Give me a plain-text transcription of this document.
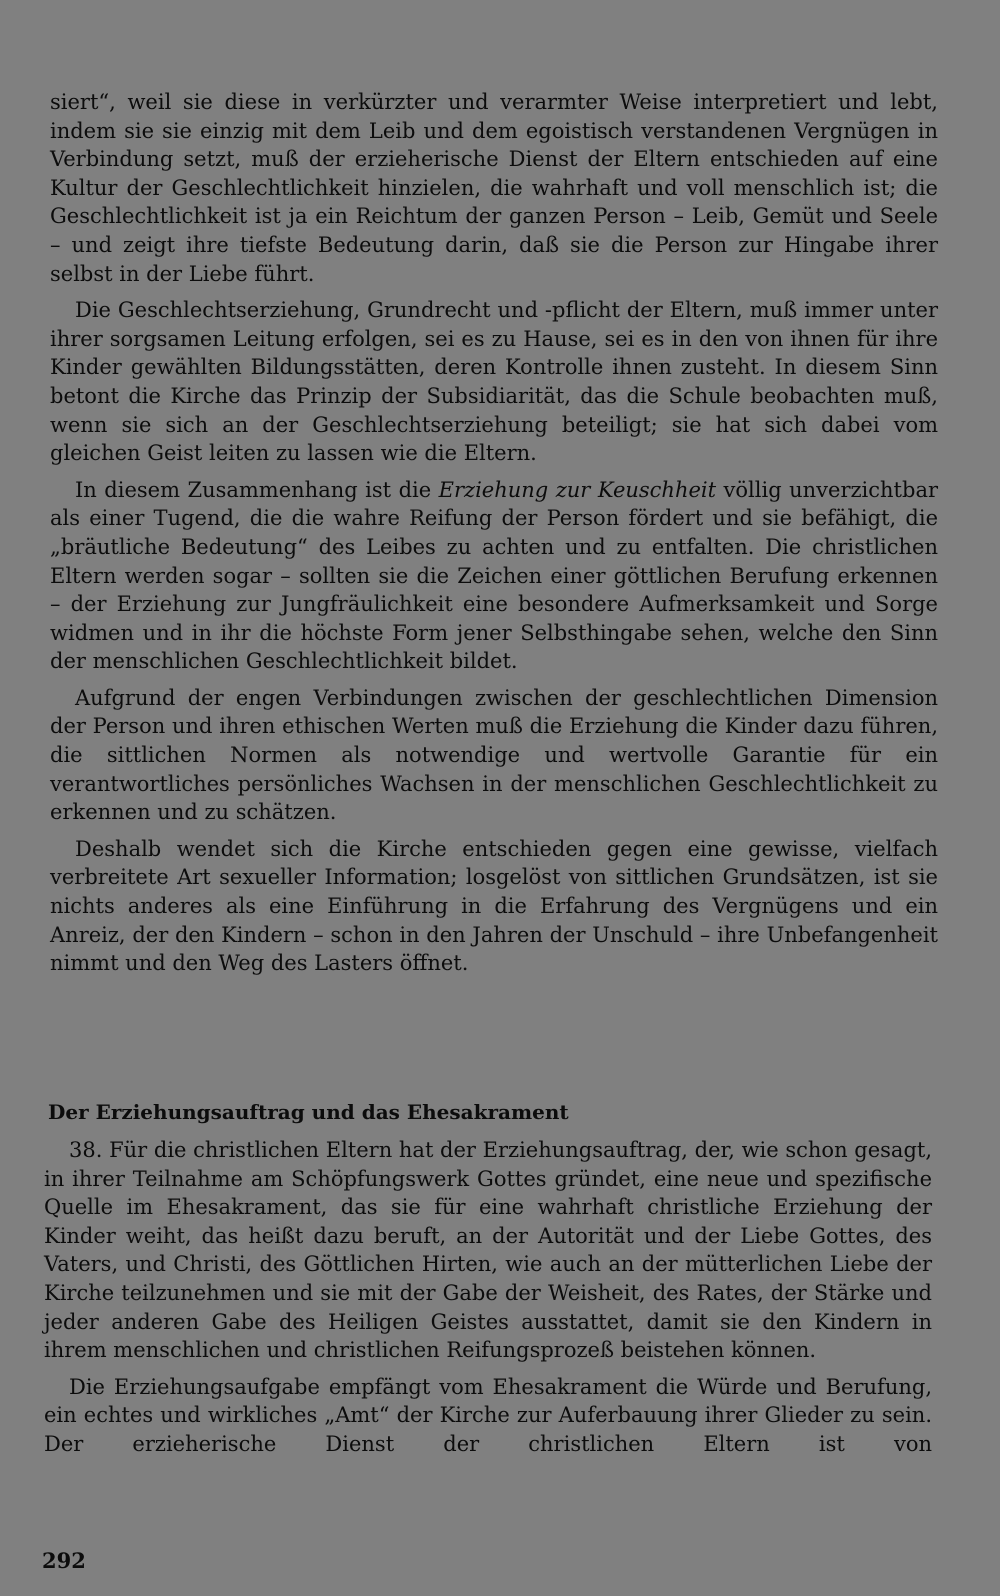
siert“, weil sie diese in verkürzter und verarmter Weise interpretiert und lebt, indem sie sie einzig mit dem Leib und dem egoistisch verstandenen Vergnügen in Verbindung setzt, muß der erzieherische Dienst der Eltern entschieden auf eine Kultur der Geschlechtlichkeit hinzielen, die wahrhaft und voll menschlich ist; die Geschlechtlichkeit ist ja ein Reichtum der ganzen Person – Leib, Gemüt und Seele – und zeigt ihre tiefste Bedeutung darin, daß sie die Person zur Hingabe ihrer selbst in der Liebe führt.

Die Geschlechtserziehung, Grundrecht und -pflicht der Eltern, muß immer unter ihrer sorgsamen Leitung erfolgen, sei es zu Hause, sei es in den von ihnen für ihre Kinder gewählten Bildungsstätten, deren Kontrolle ihnen zusteht. In diesem Sinn betont die Kirche das Prinzip der Subsidiarität, das die Schule beobachten muß, wenn sie sich an der Geschlechtserziehung beteiligt; sie hat sich dabei vom gleichen Geist leiten zu lassen wie die Eltern.

In diesem Zusammenhang ist die Erziehung zur Keuschheit völlig unverzichtbar als einer Tugend, die die wahre Reifung der Person fördert und sie befähigt, die „bräutliche Bedeutung“ des Leibes zu achten und zu entfalten. Die christlichen Eltern werden sogar – sollten sie die Zeichen einer göttlichen Berufung erkennen – der Erziehung zur Jungfräulichkeit eine besondere Aufmerksamkeit und Sorge widmen und in ihr die höchste Form jener Selbsthingabe sehen, welche den Sinn der menschlichen Geschlechtlichkeit bildet.

Aufgrund der engen Verbindungen zwischen der geschlechtlichen Dimension der Person und ihren ethischen Werten muß die Erziehung die Kinder dazu führen, die sittlichen Normen als notwendige und wertvolle Garantie für ein verantwortliches persönliches Wachsen in der menschlichen Geschlechtlichkeit zu erkennen und zu schätzen.

Deshalb wendet sich die Kirche entschieden gegen eine gewisse, vielfach verbreitete Art sexueller Information; losgelöst von sittlichen Grundsätzen, ist sie nichts anderes als eine Einführung in die Erfahrung des Vergnügens und ein Anreiz, der den Kindern – schon in den Jahren der Unschuld – ihre Unbefangenheit nimmt und den Weg des Lasters öffnet.

Der Erziehungsauftrag und das Ehesakrament

38. Für die christlichen Eltern hat der Erziehungsauftrag, der, wie schon gesagt, in ihrer Teilnahme am Schöpfungswerk Gottes gründet, eine neue und spezifische Quelle im Ehesakrament, das sie für eine wahrhaft christliche Erziehung der Kinder weiht, das heißt dazu beruft, an der Autorität und der Liebe Gottes, des Vaters, und Christi, des Göttlichen Hirten, wie auch an der mütterlichen Liebe der Kirche teilzunehmen und sie mit der Gabe der Weisheit, des Rates, der Stärke und jeder anderen Gabe des Heiligen Geistes ausstattet, damit sie den Kindern in ihrem menschlichen und christlichen Reifungsprozeß beistehen können.

Die Erziehungsaufgabe empfängt vom Ehesakrament die Würde und Berufung, ein echtes und wirkliches „Amt“ der Kirche zur Auferbauung ihrer Glieder zu sein. Der erzieherische Dienst der christlichen Eltern ist von

292
